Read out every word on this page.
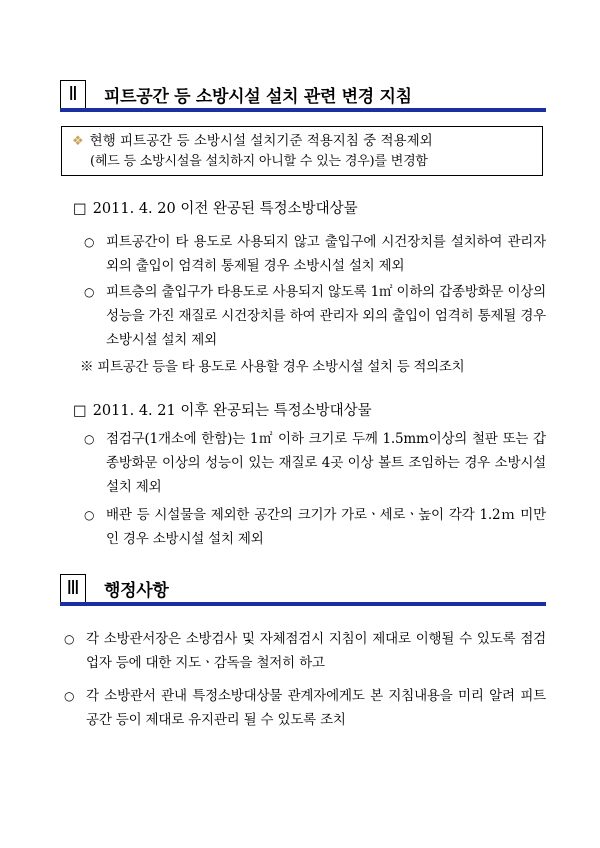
Ⅱ	피트공간 등 소방시설 설치 관련 변경 지침
❖ 현행 피트공간 등 소방시설 설치기준 적용지침 중 적용제외
(헤드 등 소방시설을 설치하지 아니할 수 있는 경우)를 변경함
□ 2011. 4. 20 이전 완공된 특정소방대상물
○ 피트공간이 타 용도로 사용되지 않고 출입구에 시건장치를 설치하여 관리자 외의 출입이 엄격히 통제될 경우 소방시설 설치 제외
○ 피트층의 출입구가 타용도로 사용되지 않도록 1㎡ 이하의 갑종방화문 이상의 성능을 가진 재질로 시건장치를 하여 관리자 외의 출입이 엄격히 통제될 경우 소방시설 설치 제외
※ 피트공간 등을 타 용도로 사용할 경우 소방시설 설치 등 적의조치
□ 2011. 4. 21 이후 완공되는 특정소방대상물
○ 점검구(1개소에 한함)는 1㎡ 이하 크기로 두께 1.5mm이상의 철판 또는 갑종방화문 이상의 성능이 있는 재질로 4곳 이상 볼트 조임하는 경우 소방시설 설치 제외
○ 배관 등 시설물을 제외한 공간의 크기가 가로ㆍ세로ㆍ높이 각각 1.2ｍ 미만인 경우 소방시설 설치 제외
Ⅲ	행정사항
○ 각 소방관서장은 소방검사 및 자체점검시 지침이 제대로 이행될 수 있도록 점검업자 등에 대한 지도ㆍ감독을 철저히 하고
○ 각 소방관서 관내 특정소방대상물 관계자에게도 본 지침내용을 미리 알려 피트공간 등이 제대로 유지관리 될 수 있도록 조치
